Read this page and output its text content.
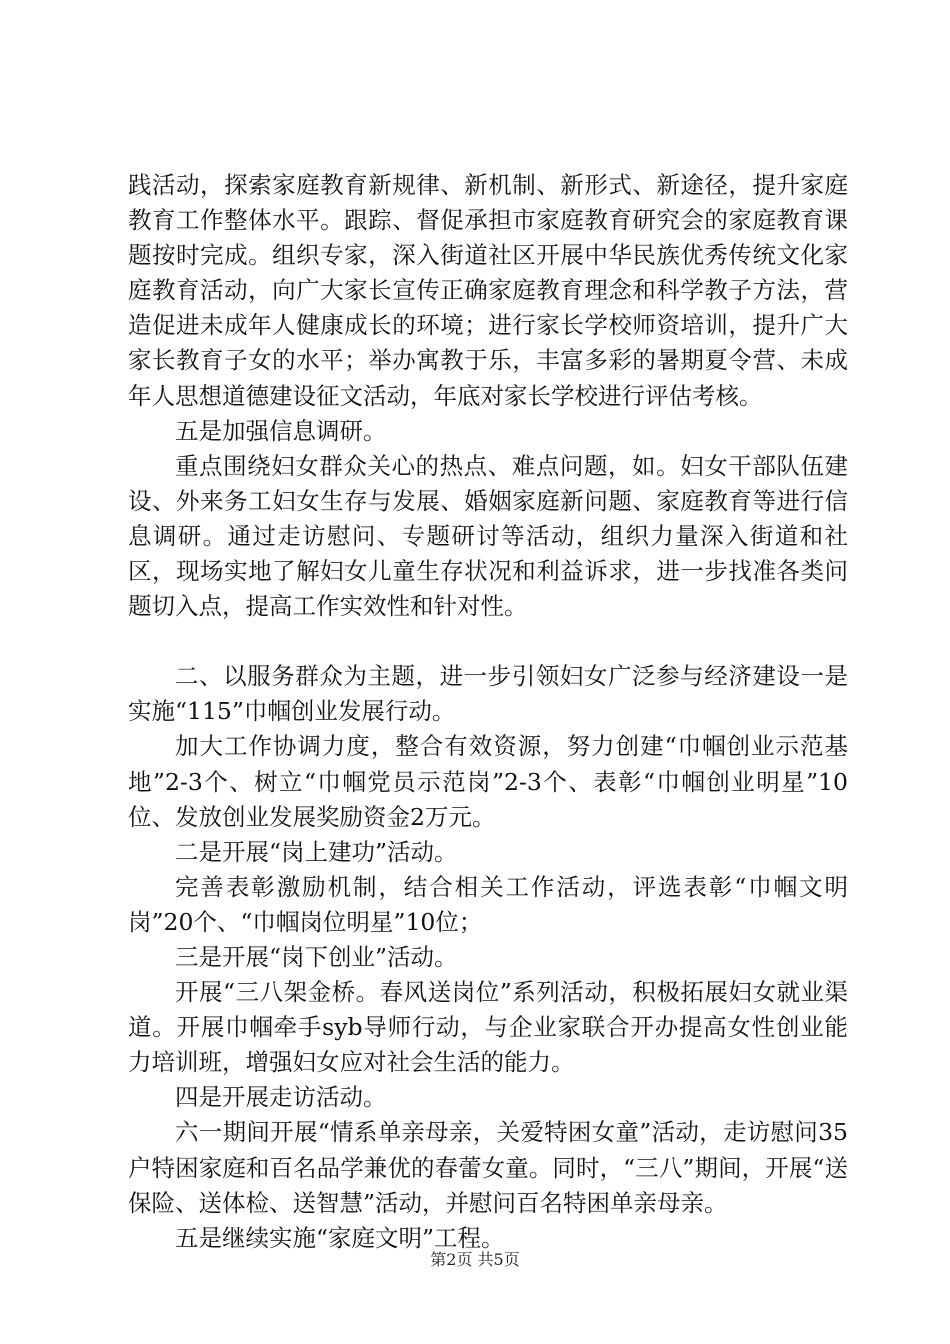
践活动，探索家庭教育新规律、新机制、新形式、新途径，提升家庭教育工作整体水平。跟踪、督促承担市家庭教育研究会的家庭教育课题按时完成。组织专家，深入街道社区开展中华民族优秀传统文化家庭教育活动，向广大家长宣传正确家庭教育理念和科学教子方法，营造促进未成年人健康成长的环境；进行家长学校师资培训，提升广大家长教育子女的水平；举办寓教于乐，丰富多彩的暑期夏令营、未成年人思想道德建设征文活动，年底对家长学校进行评估考核。

五是加强信息调研。

重点围绕妇女群众关心的热点、难点问题，如。妇女干部队伍建设、外来务工妇女生存与发展、婚姻家庭新问题、家庭教育等进行信息调研。通过走访慰问、专题研讨等活动，组织力量深入街道和社区，现场实地了解妇女儿童生存状况和利益诉求，进一步找准各类问题切入点，提高工作实效性和针对性。

二、以服务群众为主题，进一步引领妇女广泛参与经济建设一是实施“115”巾帼创业发展行动。

加大工作协调力度，整合有效资源，努力创建“巾帼创业示范基地”2-3个、树立“巾帼党员示范岗”2-3个、表彰“巾帼创业明星”10位、发放创业发展奖励资金2万元。

二是开展“岗上建功”活动。

完善表彰激励机制，结合相关工作活动，评选表彰“巾帼文明岗”20个、“巾帼岗位明星”10位；

三是开展“岗下创业”活动。

开展“三八架金桥。春风送岗位”系列活动，积极拓展妇女就业渠道。开展巾帼牵手syb导师行动，与企业家联合开办提高女性创业能力培训班，增强妇女应对社会生活的能力。

四是开展走访活动。

六一期间开展“情系单亲母亲，关爱特困女童”活动，走访慰问35户特困家庭和百名品学兼优的春蕾女童。同时，“三八”期间，开展“送保险、送体检、送智慧”活动，并慰问百名特困单亲母亲。

五是继续实施“家庭文明”工程。

第2页 共5页
